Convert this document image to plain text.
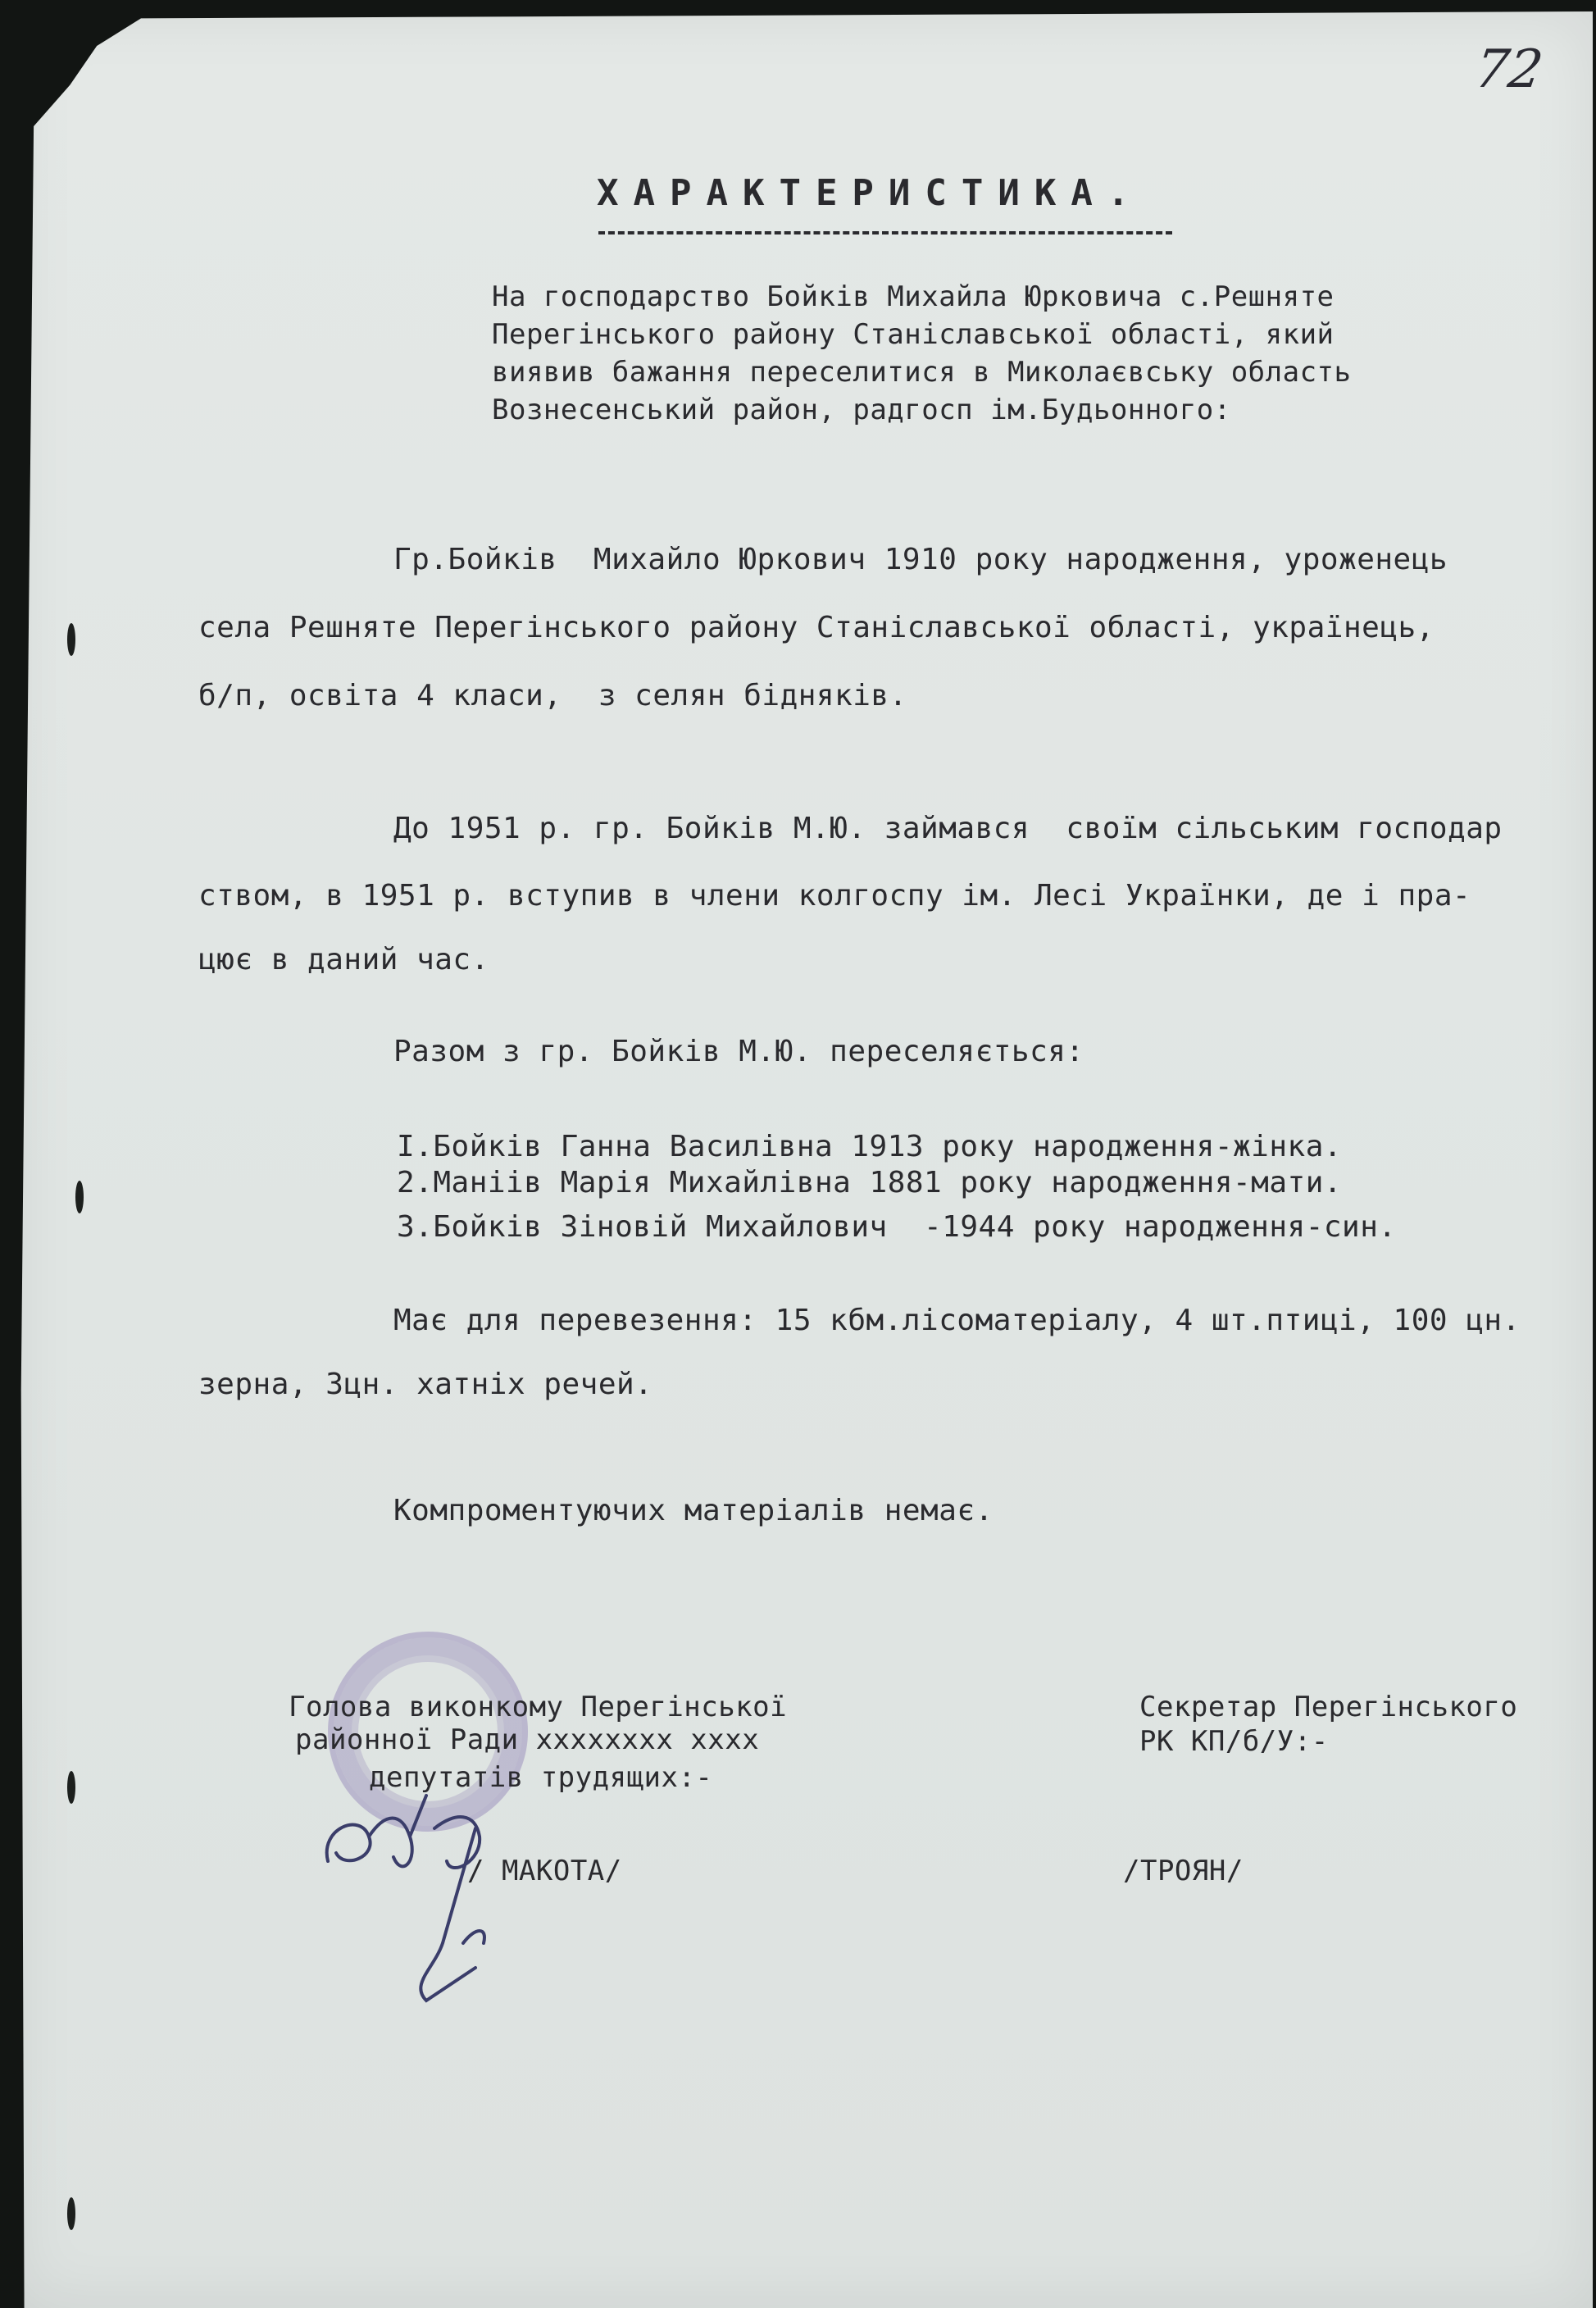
72
ХАРАКТЕРИСТИКА.
На господарство Бойків Михайла Юрковича с.Решняте
Перегінського району Станіславської області, який
виявив бажання переселитися в Миколаєвську область
Вознесенський район, радгосп ім.Будьонного:
Гр.Бойків  Михайло Юркович 1910 року народження, уроженець
села Решняте Перегінського району Станіславської області, українець,
б/п, освіта 4 класи,  з селян бідняків.
До 1951 р. гр. Бойків М.Ю. займався  своїм сільським господар
ством, в 1951 р. вступив в члени колгоспу ім. Лесі Українки, де і пра-
цює в даний час.
Разом з гр. Бойків М.Ю. переселяється:
I.Бойків Ганна Василівна 1913 року народження-жінка.
2.Маніів Марія Михайлівна 1881 року народження-мати.
3.Бойків Зіновій Михайлович  -1944 року народження-син.
Має для перевезення: 15 кбм.лісоматеріалу, 4 шт.птиці, 100 цн.
зерна, 3цн. хатніх речей.
Компроментуючих матеріалів немає.
Голова виконкому Перегінської
районної Ради хххххххх хххх
депутатів трудящих:-
/ МАКОТА/
Секретар Перегінського
РК КП/б/У:-
/ТРОЯН/
